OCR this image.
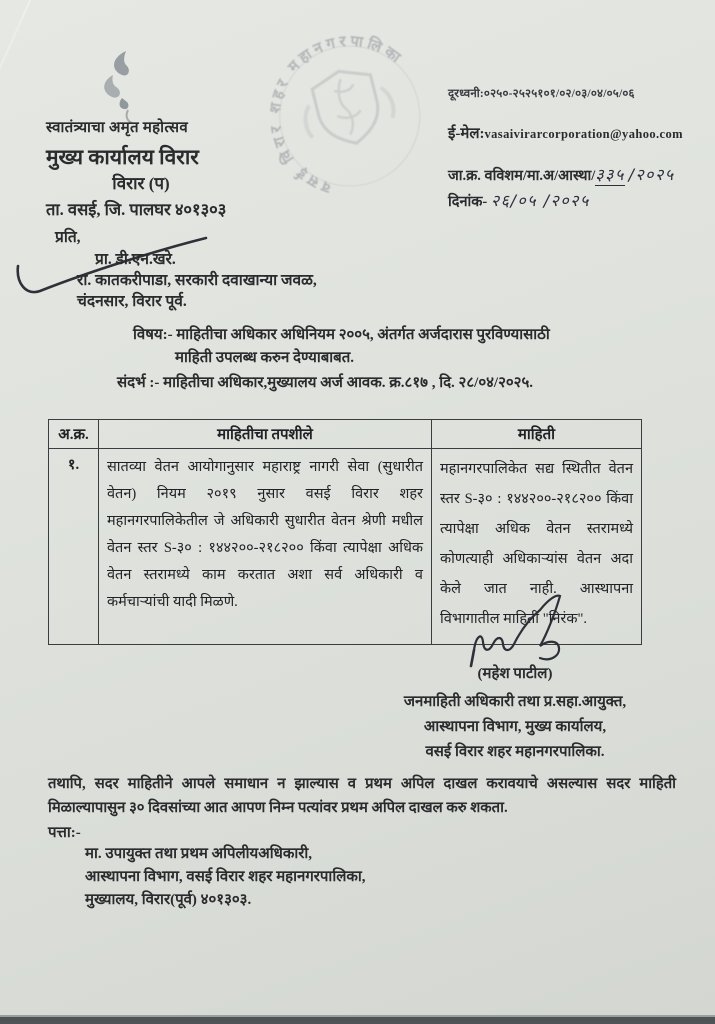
वसई विरार शहर महानगरपालिका
स्वातंत्र्याचा अमृत महोत्सव
मुख्य कार्यालय विरार
विरार (प)
ता. वसई, जि. पालघर ४०१३०३
दूरध्वनी:०२५०-२५२५१०१/०२/०३/०४/०५/०६
ई-मेल:vasaivirarcorporation@yahoo.com
जा.क्र. वविशम/मा.अ/आस्था/३३५ /२०२५
दिनांक- २६/०५ /२०२५
प्रति,
प्रा. डी.एन.खरे.
रा. कातकरीपाडा, सरकारी दवाखान्या जवळ,
चंदनसार, विरार पूर्व.
विषय:- माहितीचा अधिकार अधिनियम २००५, अंतर्गत अर्जदारास पुरविण्यासाठी
माहिती उपलब्ध करुन देण्याबाबत.
संदर्भ :- माहितीचा अधिकार,मुख्यालय अर्ज आवक. क्र.८१७ , दि. २८/०४/२०२५.
अ.क्र.	माहितीचा तपशीले	माहिती
१.	सातव्या वेतन आयोगानुसार महाराष्ट्र नागरी सेवा (सुधारीत वेतन) नियम २०१९ नुसार वसई विरार शहर महानगरपालिकेतील जे अधिकारी सुधारीत वेतन श्रेणी मधील वेतन स्तर S-३० : १४४२००-२१८२०० किंवा त्यापेक्षा अधिक वेतन स्तरामध्ये काम करतात अशा सर्व अधिकारी व कर्मचाऱ्यांची यादी मिळणे.	महानगरपालिकेत सद्य स्थितीत वेतन स्तर S-३० : १४४२००-२१८२०० किंवा त्यापेक्षा अधिक वेतन स्तरामध्ये कोणत्याही अधिकाऱ्यांस वेतन अदा केले जात नाही. आस्थापना विभागातील माहिती "निरंक".
(महेश पाटील)
जनमाहिती अधिकारी तथा प्र.सहा.आयुक्त,
आस्थापना विभाग, मुख्य कार्यालय,
वसई विरार शहर महानगरपालिका.
तथापि, सदर माहितीने आपले समाधान न झाल्यास व प्रथम अपिल दाखल करावयाचे असल्यास सदर माहिती मिळाल्यापासुन ३० दिवसांच्या आत आपण निम्न पत्यांवर प्रथम अपिल दाखल करु शकता.
पत्ता:-
मा. उपायुक्त तथा प्रथम अपिलीयअधिकारी,
आस्थापना विभाग, वसई विरार शहर महानगरपालिका,
मुख्यालय, विरार(पूर्व) ४०१३०३.
